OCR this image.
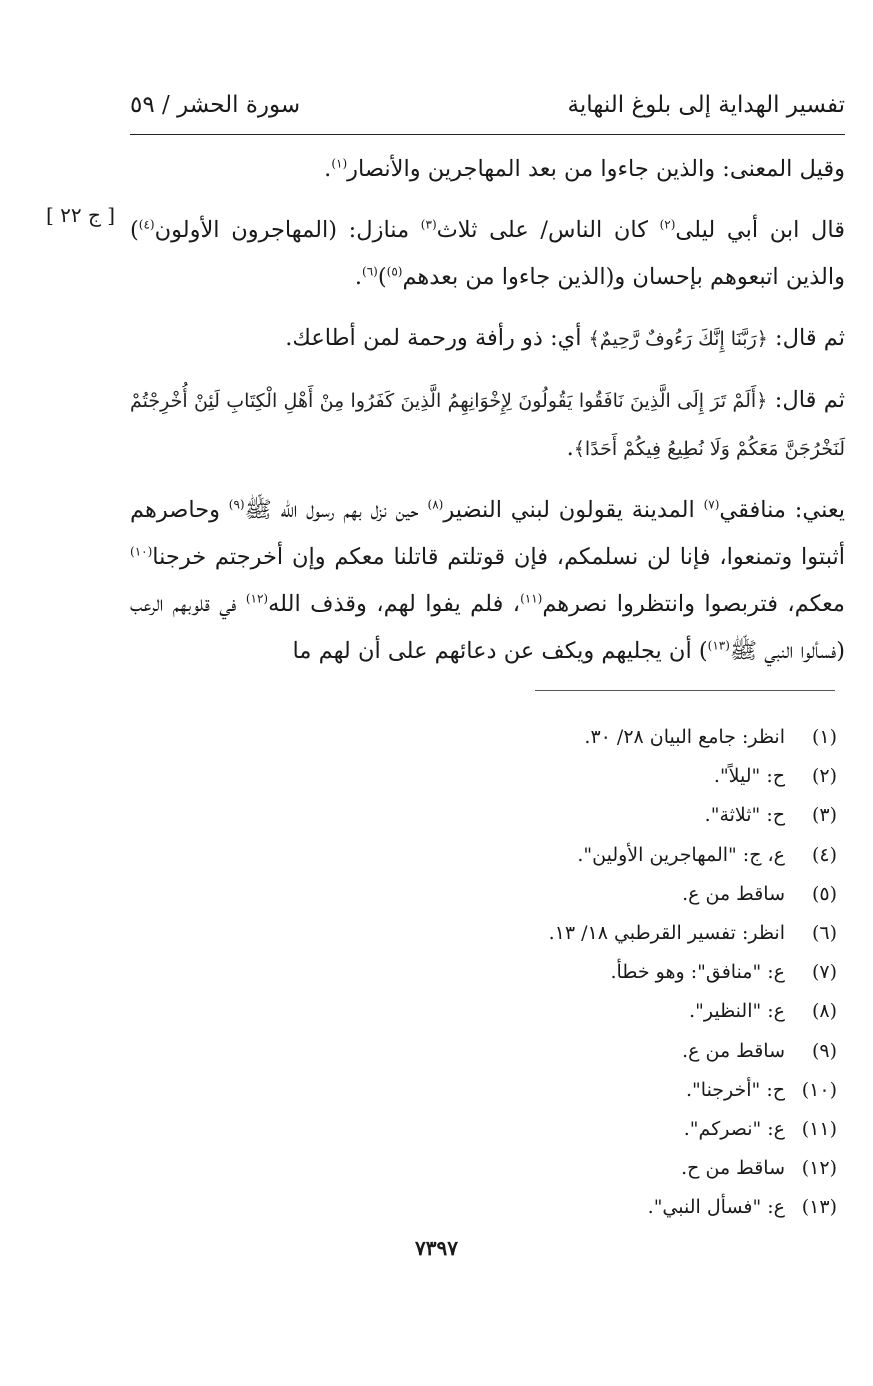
تفسير الهداية إلى بلوغ النهاية
سورة الحشر / ٥٩
[ ج ٢٢ ]

وقيل المعنى: والذين جاءوا من بعد المهاجرين والأنصار$^{(١)}$.

قال ابن أبي ليلى$^{(٢)}$ كان الناس/ على ثلاث$^{(٣)}$ منازل: (المهاجرون الأولون$^{(٤)}$) والذين اتبعوهم بإحسان و(الذين جاءوا من بعدهم$^{(٥)}$)$^{(٦)}$.

ثم قال: ﴿رَبَّنَا إِنَّكَ رَءُوفٌ رَّحِيمٌ﴾ أي: ذو رأفة ورحمة لمن أطاعك.

ثم قال: ﴿أَلَمْ تَرَ إِلَى الَّذِينَ نَافَقُوا يَقُولُونَ لِإِخْوَانِهِمُ الَّذِينَ كَفَرُوا مِنْ أَهْلِ الْكِتَابِ لَئِنْ أُخْرِجْتُمْ لَنَخْرُجَنَّ مَعَكُمْ وَلَا نُطِيعُ فِيكُمْ أَحَدًا﴾.

يعني: منافقي$^{(٧)}$ المدينة يقولون لبني النضير$^{(٨)}$ حين نزل بهم رسول الله ﷺ$^{(٩)}$ وحاصرهم أثبتوا وتمنعوا، فإنا لن نسلمكم، فإن قوتلتم قاتلنا معكم وإن أخرجتم خرجنا$^{(١٠)}$ معكم، فتربصوا وانتظروا نصرهم$^{(١١)}$، فلم يفوا لهم، وقذف الله$^{(١٢)}$ في قلوبهم الرعب (فسألوا النبي ﷺ$^{(١٣)}$) أن يجليهم ويكف عن دعائهم على أن لهم ما

(١)انظر: جامع البيان ٢٨/ ٣٠.
(٢)ح: "ليلاً".
(٣)ح: "ثلاثة".
(٤)ع، ج: "المهاجرين الأولين".
(٥)ساقط من ع.
(٦)انظر: تفسير القرطبي ١٨/ ١٣.
(٧)ع: "منافق": وهو خطأ.
(٨)ع: "النظير".
(٩)ساقط من ع.
(١٠)ح: "أخرجنا".
(١١)ع: "نصركم".
(١٢)ساقط من ح.
(١٣)ع: "فسأل النبي".
٧٣٩٧
